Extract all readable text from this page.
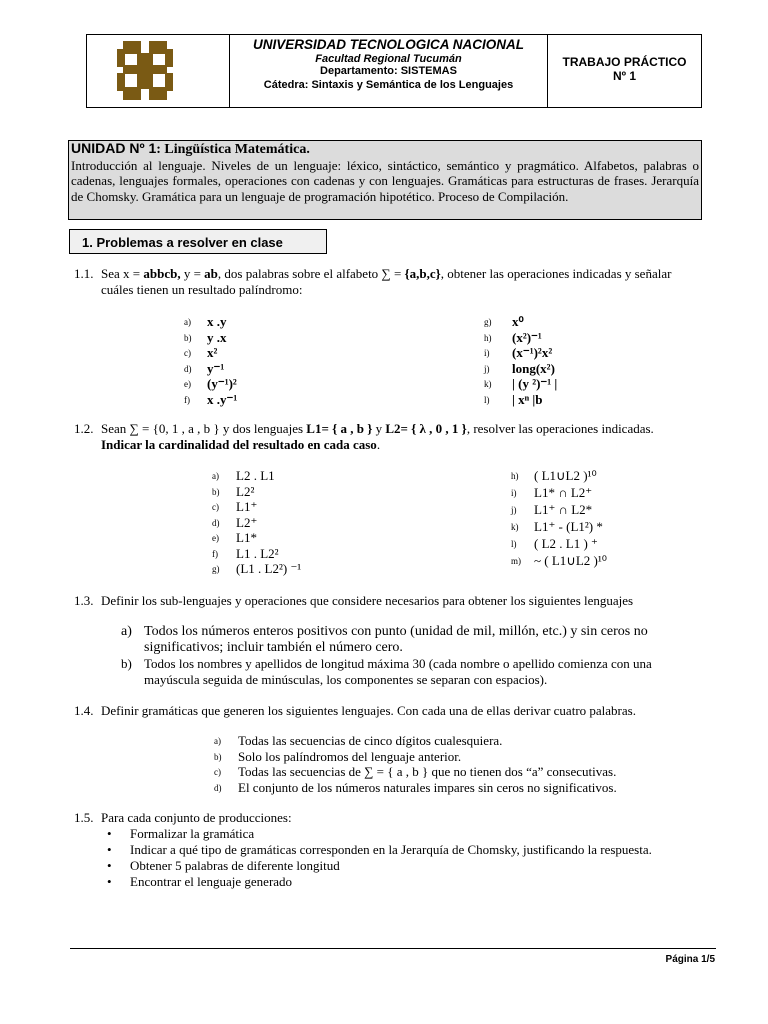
UNIVERSIDAD TECNOLOGICA NACIONAL
Facultad Regional Tucumán
Departamento: SISTEMAS
Cátedra: Sintaxis y Semántica de los Lenguajes
TRABAJO PRÁCTICO
Nº 1
UNIDAD Nº 1: Lingüística Matemática.
Introducción al lenguaje. Niveles de un lenguaje: léxico, sintáctico, semántico y pragmático. Alfabetos, palabras o cadenas, lenguajes formales, operaciones con cadenas y con lenguajes. Gramáticas para estructuras de frases. Jerarquía de Chomsky. Gramática para un lenguaje de programación hipotético. Proceso de Compilación.
1. Problemas a resolver en clase
1.1. Sea x = abbcb, y = ab, dos palabras sobre el alfabeto ∑ = {a,b,c}, obtener las operaciones indicadas y señalar
cuáles tienen un resultado palíndromo:
a) x .y
b) y .x
c) x²
d) y⁻¹
e) (y⁻¹)²
f) x .y⁻¹
g) x⁰
h) (x²)⁻¹
i) (x⁻¹)²x²
j) long(x²)
k) | (y ²)⁻¹ |
l) | xⁿ |b
1.2. Sean ∑ = {0, 1 , a , b } y dos lenguajes L1= { a , b } y L2= { λ , 0 , 1 }, resolver las operaciones indicadas.
Indicar la cardinalidad del resultado en cada caso.
a) L2 . L1
b) L2²
c) L1⁺
d) L2⁺
e) L1*
f) L1 . L2²
g) (L1 . L2²) ⁻¹
h) ( L1∪L2 )¹⁰
i) L1* ∩ L2⁺
j) L1⁺ ∩ L2*
k) L1⁺ - (L1²) *
l) ( L2 . L1 ) ⁺
m) ~ ( L1∪L2 )¹⁰
1.3. Definir los sub-lenguajes y operaciones que considere necesarios para obtener los siguientes lenguajes
a) Todos los números enteros positivos con punto (unidad de mil, millón, etc.) y sin ceros no
significativos; incluir también el número cero.
b) Todos los nombres y apellidos de longitud máxima 30 (cada nombre o apellido comienza con una
mayúscula seguida de minúsculas, los componentes se separan con espacios).
1.4. Definir gramáticas que generen los siguientes lenguajes. Con cada una de ellas derivar cuatro palabras.
a) Todas las secuencias de cinco dígitos cualesquiera.
b) Solo los palíndromos del lenguaje anterior.
c) Todas las secuencias de ∑ = { a , b } que no tienen dos “a” consecutivas.
d) El conjunto de los números naturales impares sin ceros no significativos.
1.5. Para cada conjunto de producciones:
• Formalizar la gramática
• Indicar a qué tipo de gramáticas corresponden en la Jerarquía de Chomsky, justificando la respuesta.
• Obtener 5 palabras de diferente longitud
• Encontrar el lenguaje generado
Página 1/5
